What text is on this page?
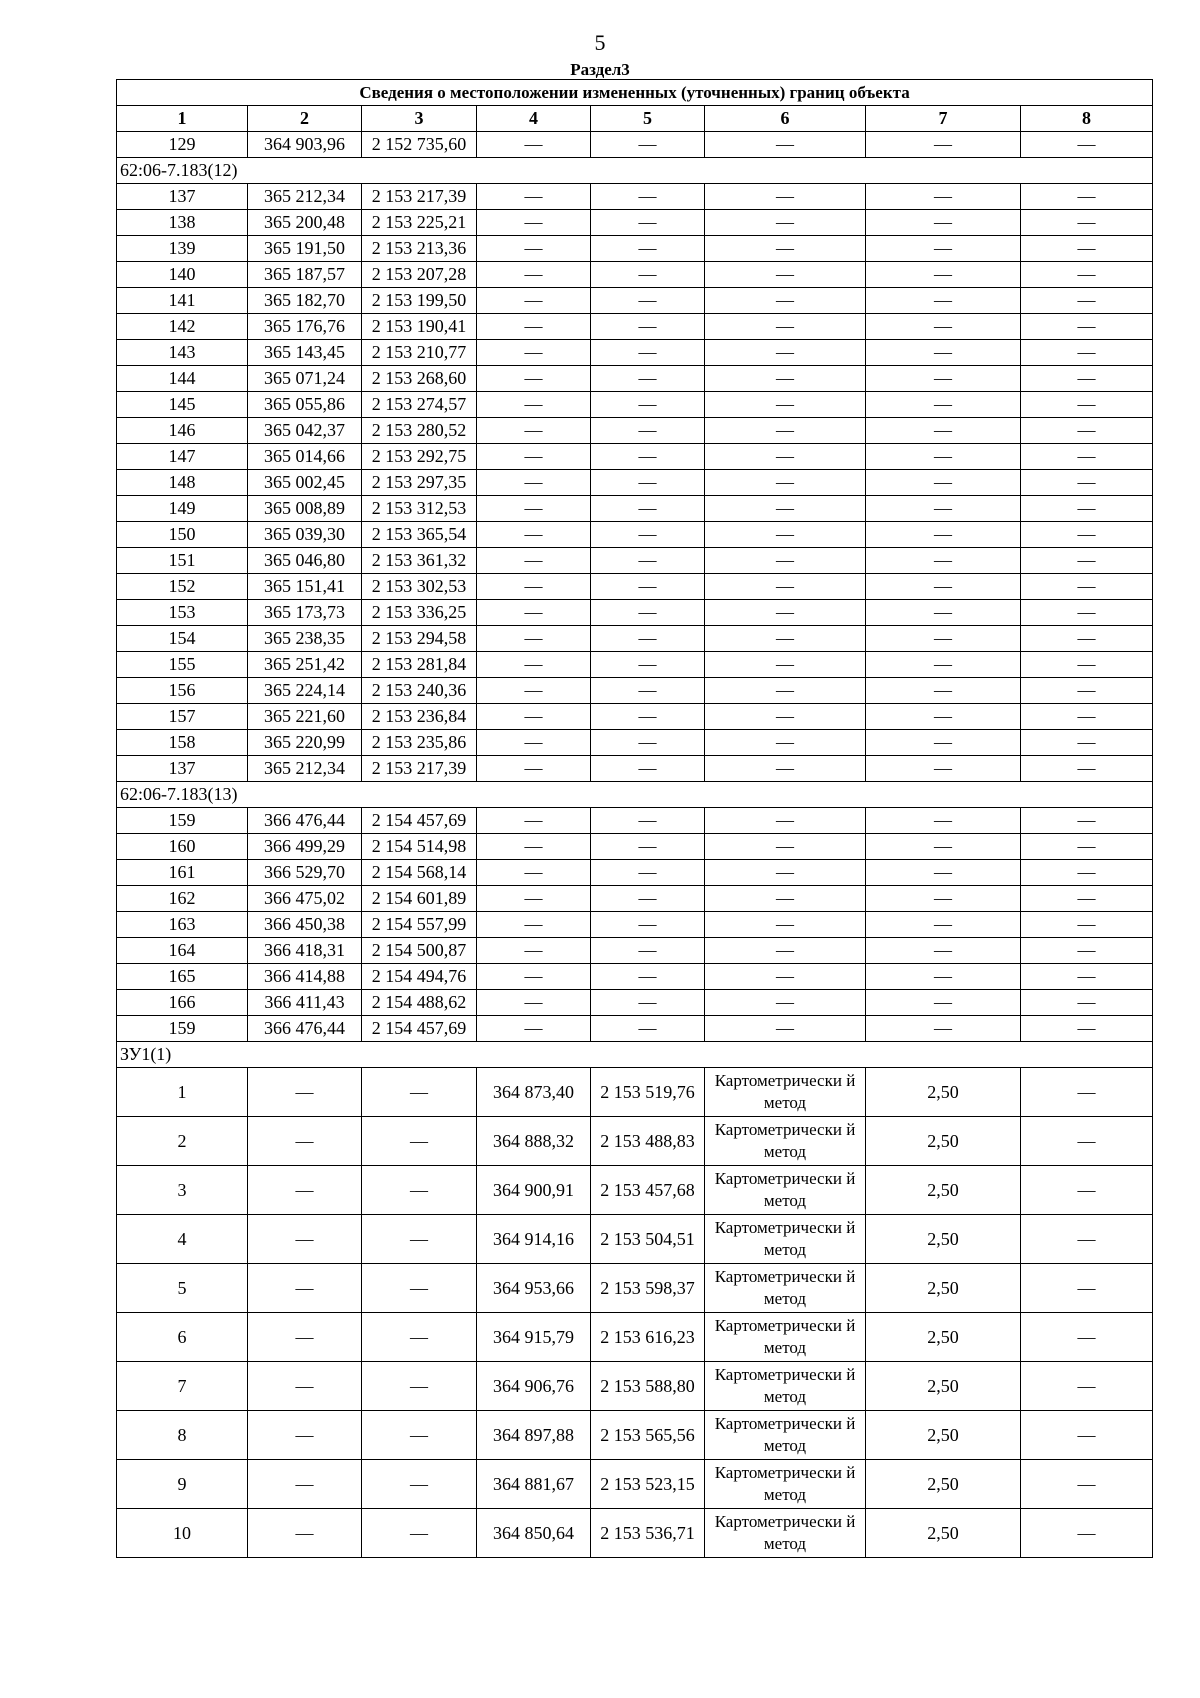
5
Раздел3
Сведения о местоположении измененных (уточненных) границ объекта							
1	2	3	4	5	6	7	8
129	364 903,96	2 152 735,60	—	—	—	—	—
62:06-7.183(12)							
137	365 212,34	2 153 217,39	—	—	—	—	—
138	365 200,48	2 153 225,21	—	—	—	—	—
139	365 191,50	2 153 213,36	—	—	—	—	—
140	365 187,57	2 153 207,28	—	—	—	—	—
141	365 182,70	2 153 199,50	—	—	—	—	—
142	365 176,76	2 153 190,41	—	—	—	—	—
143	365 143,45	2 153 210,77	—	—	—	—	—
144	365 071,24	2 153 268,60	—	—	—	—	—
145	365 055,86	2 153 274,57	—	—	—	—	—
146	365 042,37	2 153 280,52	—	—	—	—	—
147	365 014,66	2 153 292,75	—	—	—	—	—
148	365 002,45	2 153 297,35	—	—	—	—	—
149	365 008,89	2 153 312,53	—	—	—	—	—
150	365 039,30	2 153 365,54	—	—	—	—	—
151	365 046,80	2 153 361,32	—	—	—	—	—
152	365 151,41	2 153 302,53	—	—	—	—	—
153	365 173,73	2 153 336,25	—	—	—	—	—
154	365 238,35	2 153 294,58	—	—	—	—	—
155	365 251,42	2 153 281,84	—	—	—	—	—
156	365 224,14	2 153 240,36	—	—	—	—	—
157	365 221,60	2 153 236,84	—	—	—	—	—
158	365 220,99	2 153 235,86	—	—	—	—	—
137	365 212,34	2 153 217,39	—	—	—	—	—
62:06-7.183(13)							
159	366 476,44	2 154 457,69	—	—	—	—	—
160	366 499,29	2 154 514,98	—	—	—	—	—
161	366 529,70	2 154 568,14	—	—	—	—	—
162	366 475,02	2 154 601,89	—	—	—	—	—
163	366 450,38	2 154 557,99	—	—	—	—	—
164	366 418,31	2 154 500,87	—	—	—	—	—
165	366 414,88	2 154 494,76	—	—	—	—	—
166	366 411,43	2 154 488,62	—	—	—	—	—
159	366 476,44	2 154 457,69	—	—	—	—	—
ЗУ1(1)							
1	—	—	364 873,40	2 153 519,76	Картометрически й метод	2,50	—
2	—	—	364 888,32	2 153 488,83	Картометрически й метод	2,50	—
3	—	—	364 900,91	2 153 457,68	Картометрически й метод	2,50	—
4	—	—	364 914,16	2 153 504,51	Картометрически й метод	2,50	—
5	—	—	364 953,66	2 153 598,37	Картометрически й метод	2,50	—
6	—	—	364 915,79	2 153 616,23	Картометрически й метод	2,50	—
7	—	—	364 906,76	2 153 588,80	Картометрически й метод	2,50	—
8	—	—	364 897,88	2 153 565,56	Картометрически й метод	2,50	—
9	—	—	364 881,67	2 153 523,15	Картометрически й метод	2,50	—
10	—	—	364 850,64	2 153 536,71	Картометрически й метод	2,50	—
